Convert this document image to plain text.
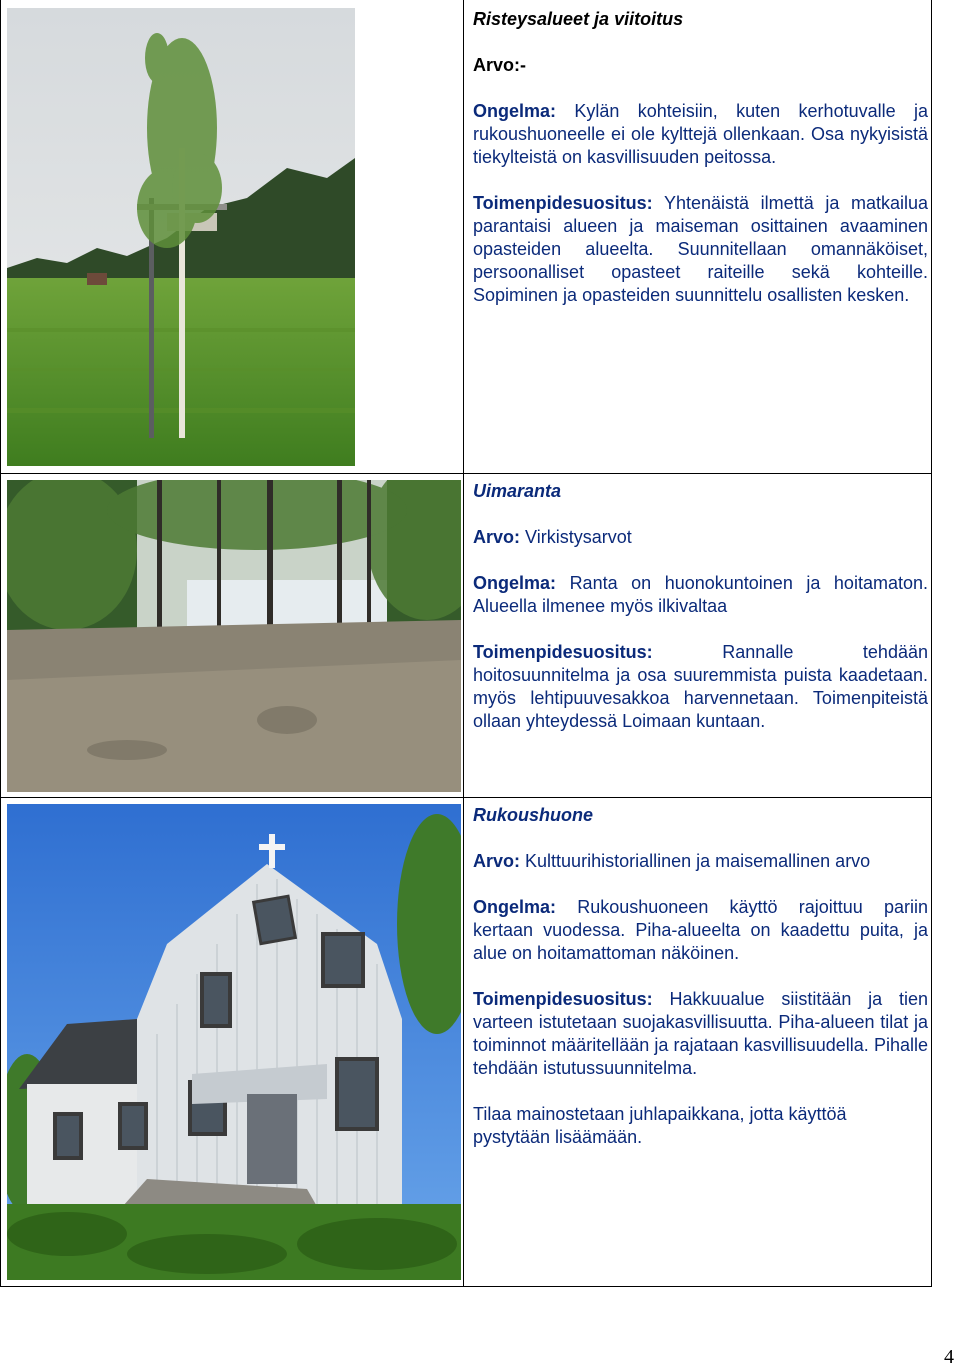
Risteysalueet ja viitoitus

Arvo:-

Ongelma: Kylän kohteisiin, kuten kerhotuvalle ja rukoushuoneelle ei ole kylttejä ollenkaan. Osa nykyisistä tiekylteistä on kasvillisuuden peitossa.

Toimenpidesuositus: Yhtenäistä ilmettä ja matkailua parantaisi alueen ja maiseman osittainen avaaminen opasteiden alueelta. Suunnitellaan omannäköiset, persoonalliset opasteet raiteille sekä kohteille. Sopiminen ja opasteiden suunnittelu osallisten kesken.

Uimaranta

Arvo: Virkistysarvot

Ongelma: Ranta on huonokuntoinen ja hoitamaton. Alueella ilmenee myös ilkivaltaa

Toimenpidesuositus:	Rannalle tehdään hoitosuunnitelma ja osa suuremmista puista kaadetaan. myös lehtipuuvesakkoa harvennetaan. Toimenpiteistä ollaan yhteydessä Loimaan kuntaan.

Rukoushuone

Arvo: Kulttuurihistoriallinen ja maisemallinen arvo

Ongelma: Rukoushuoneen käyttö rajoittuu pariin kertaan vuodessa. Piha-alueelta on kaadettu puita, ja alue on hoitamattoman näköinen.

Toimenpidesuositus: Hakkuualue siistitään ja tien varteen istutetaan suojakasvillisuutta. Piha-alueen tilat ja toiminnot määritellään ja rajataan kasvillisuudella. Pihalle tehdään istutussuunnitelma.

Tilaa mainostetaan juhlapaikkana, jotta käyttöä pystytään lisäämään.

4
